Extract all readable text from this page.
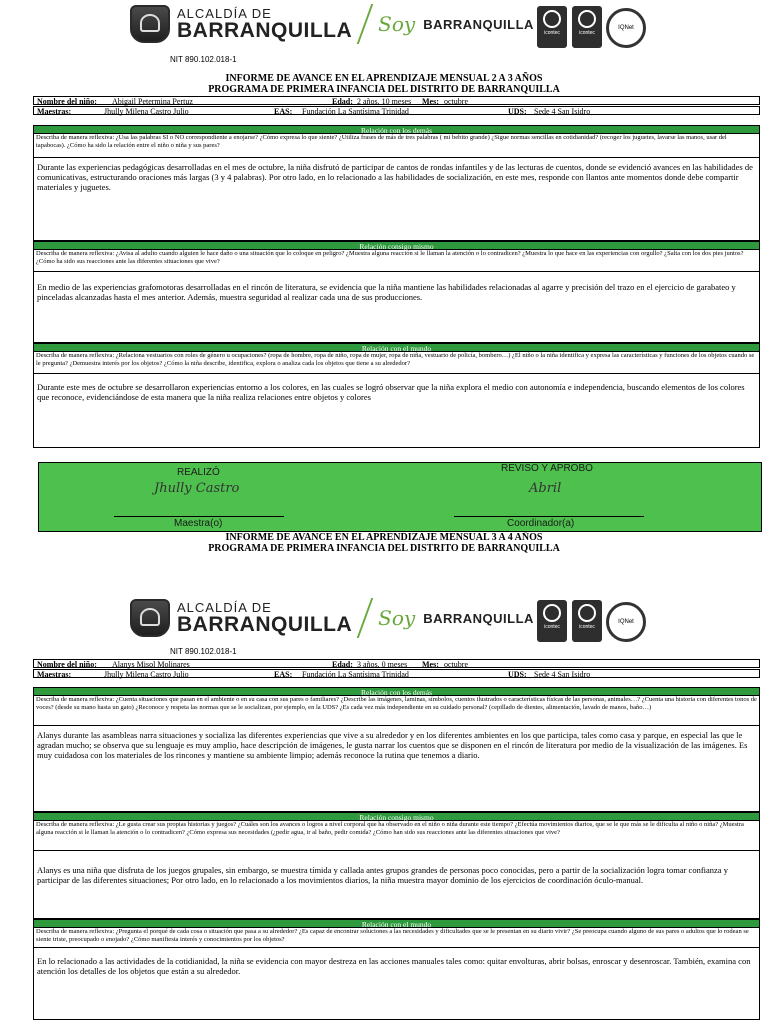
ALCALDÍA DE
BARRANQUILLA Soy BARRANQUILLA
icontec	icontec
IQNet
NIT 890.102.018-1
INFORME DE AVANCE EN EL APRENDIZAJE MENSUAL 2 A 3 AÑOS
PROGRAMA DE PRIMERA INFANCIA DEL DISTRITO DE BARRANQUILLA
Nombre del niño: Abigail Petermina Pertuz	Edad: 2 años, 10 meses Mes: octubre
Maestras:	Jhully Milena Castro Julio	EAS: Fundación La Santísima Trinidad	UDS: Sede 4 San Isidro
Relación con los demás
Describa de manera reflexiva: ¿Usa las palabras SI o NO correspondiente a enojarse? ¿Cómo expresa lo que siente? ¿Utiliza frases de más de tres palabras ( mi bebito grande) ¿Sigue normas sencillas en cotidianidad? (recoger los juguetes, lavarse las manos, usar del tapabocas). ¿Cómo ha sido la relación entre el niño o niña y sus pares?
Durante las experiencias pedagógicas desarrolladas en el mes de octubre, la niña disfrutó de participar de cantos de rondas infantiles y de las lecturas de cuentos, donde se evidenció avances en las habilidades de comunicativas, estructurando oraciones más largas (3 y 4 palabras). Por otro lado, en lo relacionado a las habilidades de socialización, en este mes, responde con llantos ante momentos donde debe compartir materiales y juguetes.
Relación consigo mismo
Describa de manera reflexiva: ¿Avisa al adulto cuando alguien le hace daño o una situación que lo coloque en peligro? ¿Muestra alguna reacción si le llaman la atención o lo contradicen? ¿Muestra lo que hace en las experiencias con orgullo? ¿Salta con los dos pies juntos? ¿Cómo ha sido sus reacciones ante las diferentes situaciones que vive?
En medio de las experiencias grafomotoras desarrolladas en el rincón de literatura, se evidencia que la niña mantiene las habilidades relacionadas al agarre y precisión del trazo en el ejercicio de garabateo y pinceladas alcanzadas hasta el mes anterior. Además, muestra seguridad al realizar cada una de sus producciones.
Relación con el mundo
Describa de manera reflexiva: ¿Relaciona vestuarios con roles de género u ocupaciones? (ropa de hombre, ropa de niño, ropa de mujer, ropa de niña, vestuario de policía, bombero…) ¿El niño o la niña identifica y expresa las características y funciones de los objetos cuando se le pregunta? ¿Demuestra interés por los objetos? ¿Cómo la niña describe, identifica, explora o analiza cada los objetos que tiene a su alrededor?
Durante este mes de octubre se desarrollaron experiencias entorno a los colores, en las cuales se logró observar que la niña explora el medio con autonomía e independencia, buscando elementos de los colores que reconoce, evidenciándose de esta manera que la niña realiza relaciones entre objetos y colores
REALIZÓ	REVISÓ Y APROBÓ
Jhully Castro	Abril
Maestra(o)	Coordinador(a)
INFORME DE AVANCE EN EL APRENDIZAJE MENSUAL 3 A 4 AÑOS
PROGRAMA DE PRIMERA INFANCIA DEL DISTRITO DE BARRANQUILLA
ALCALDÍA DE
BARRANQUILLA Soy BARRANQUILLA
icontec	icontec
IQNet
NIT 890.102.018-1
Nombre del niño: Alanys Misol Molinares	Edad: 3 años, 0 meses Mes: octubre
Maestras:	Jhully Milena Castro Julio	EAS: Fundación La Santísima Trinidad	UDS: Sede 4 San Isidro
Relación con los demás
Describa de manera reflexiva: ¿Cuenta situaciones que pasan en el ambiente o en su casa con sus pares o familiares? ¿Describe las imágenes, laminas, símbolos, cuentos ilustrados o características físicas de las personas, animales…? ¿Cuenta una historia con diferentes tonos de voces? (desde su mano hasta un gato) ¿Reconoce y respeta las normas que se le socializan, por ejemplo, en la UDS? ¿Es cada vez más independiente en su cuidado personal? (cepillado de dientes, alimentación, lavado de manos, baño…)
Alanys durante las asambleas narra situaciones y socializa las diferentes experiencias que vive a su alrededor y en los diferentes ambientes en los que participa, tales como casa y parque, en especial las que le agradan mucho; se observa que su lenguaje es muy amplio, hace descripción de imágenes, le gusta narrar los cuentos que se disponen en el rincón de literatura por medio de la visualización de las imágenes. Es muy cuidadosa con los materiales de los rincones y mantiene su ambiente limpio; además reconoce la rutina que tenemos a diario.
Relación consigo mismo
Describa de manera reflexiva: ¿Le gusta crear sus propias historias y juegos? ¿Cuáles son los avances o logros a nivel corporal que ha observado en el niño o niña durante este tiempo? ¿Efectúa movimientos diarios, que se le que más se le dificulta al niño o niña? ¿Muestra alguna reacción si le llaman la atención o lo contradicen? ¿Cómo expresa sus necesidades (¿pedir agua, ir al baño, pedir comida? ¿Cómo han sido sus reacciones ante las diferentes situaciones que vive?
Alanys es una niña que disfruta de los juegos grupales, sin embargo, se muestra tímida y callada antes grupos grandes de personas poco conocidas, pero a partir de la socialización logra tomar confianza y participar de las diferentes situaciones; Por otro lado, en lo relacionado a los movimientos diarios, la niña muestra mayor dominio de los ejercicios de coordinación óculo-manual.
Relación con el mundo
Describa de manera reflexiva: ¿Pregunta el porqué de cada cosa o situación que pasa a su alrededor? ¿Es capaz de encontrar soluciones a las necesidades y dificultades que se le presentan en su diario vivir? ¿Se preocupa cuando alguno de sus pares o adultos que lo rodean se siente triste, preocupado o enojado? ¿Cómo manifiesta interés y conocimientos por los objetos?
En lo relacionado a las actividades de la cotidianidad, la niña se evidencia con mayor destreza en las acciones manuales tales como: quitar envolturas, abrir bolsas, enroscar y desenroscar. También, examina con atención los detalles de los objetos que están a su alrededor.
